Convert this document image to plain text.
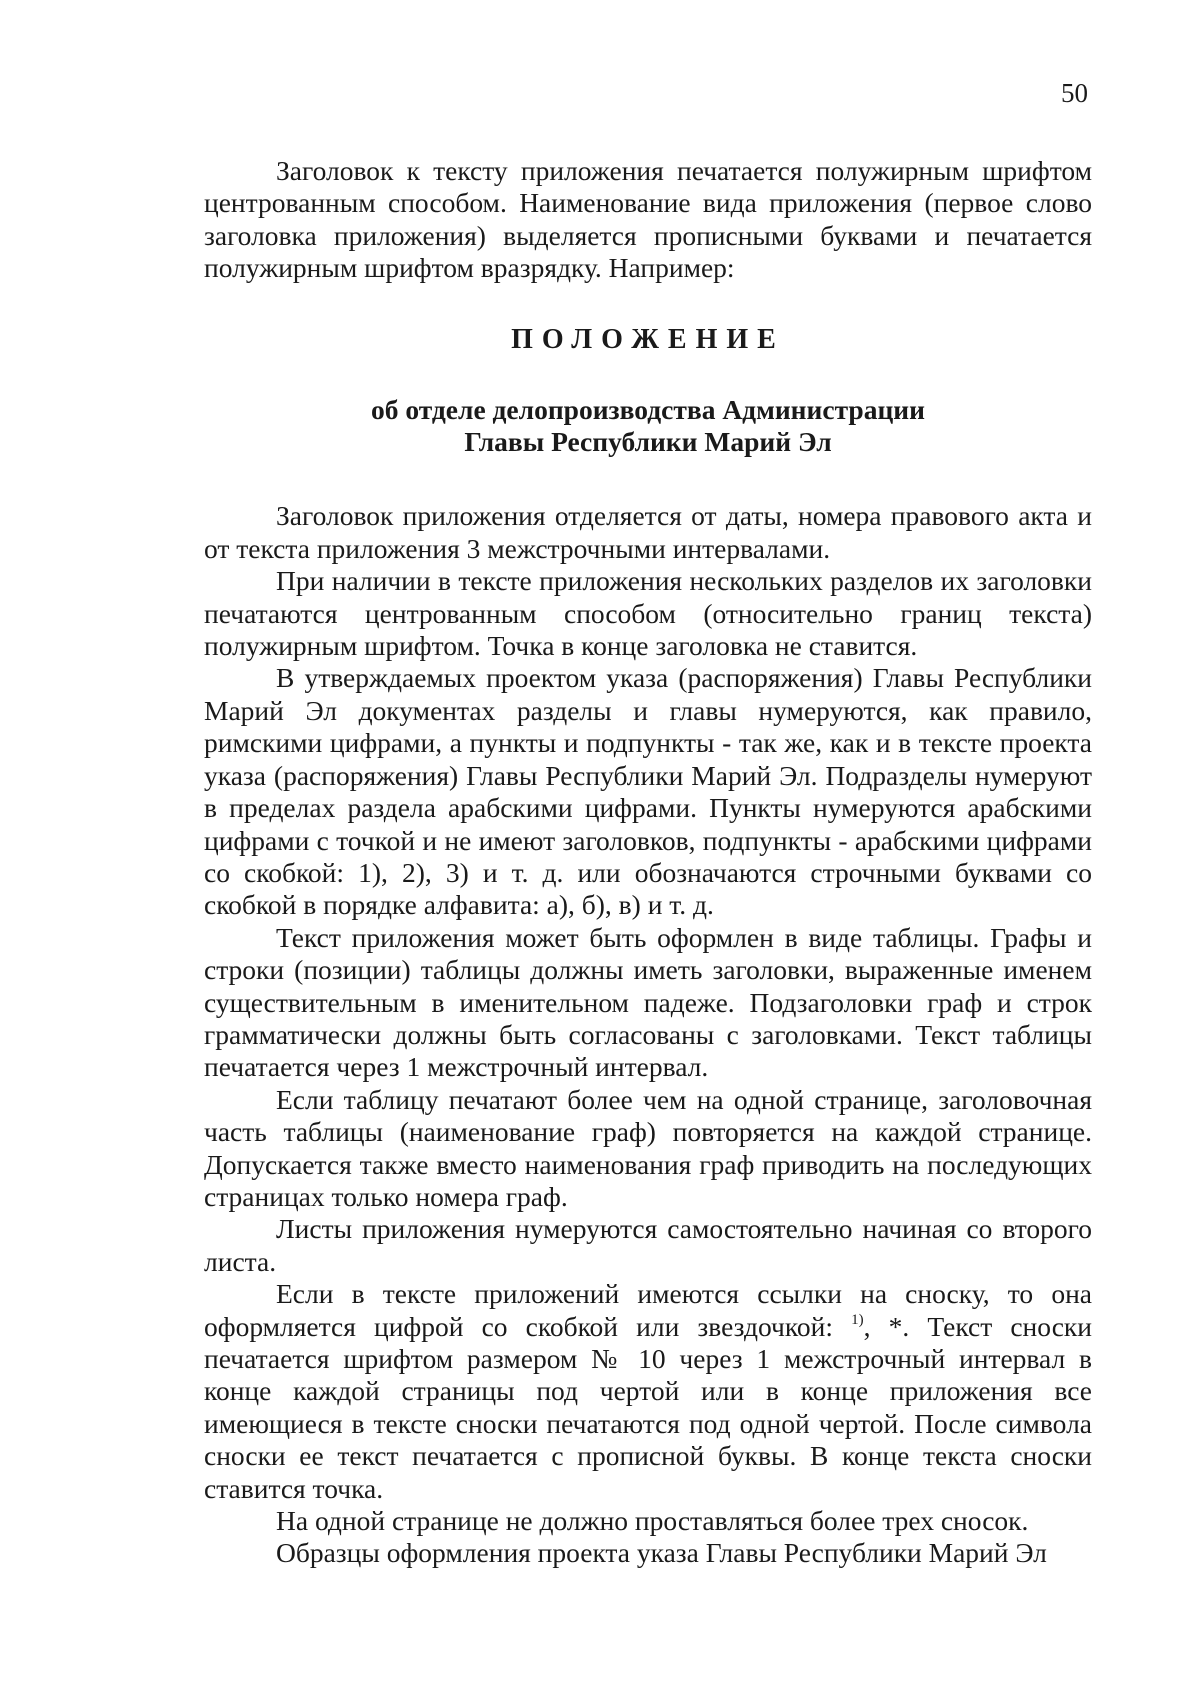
50

Заголовок к тексту приложения печатается полужирным шрифтом центрованным способом. Наименование вида приложения (первое слово заголовка приложения) выделяется прописными буквами и печатается полужирным шрифтом вразрядку. Например:

ПОЛОЖЕНИЕ
об отделе делопроизводства Администрации
Главы Республики Марий Эл

Заголовок приложения отделяется от даты, номера правового акта и от текста приложения 3 межстрочными интервалами.

При наличии в тексте приложения нескольких разделов их заголовки печатаются центрованным способом (относительно границ текста) полужирным шрифтом. Точка в конце заголовка не ставится.

В утверждаемых проектом указа (распоряжения) Главы Республики Марий Эл документах разделы и главы нумеруются, как правило, римскими цифрами, а пункты и подпункты - так же, как и в тексте проекта указа (распоряжения) Главы Республики Марий Эл. Подразделы нумеруют в пределах раздела арабскими цифрами. Пункты нумеруются арабскими цифрами с точкой и не имеют заголовков, подпункты - арабскими цифрами со скобкой: 1), 2), 3) и т. д. или обозначаются строчными буквами со скобкой в порядке алфавита: а), б), в) и т. д.

Текст приложения может быть оформлен в виде таблицы. Графы и строки (позиции) таблицы должны иметь заголовки, выраженные именем существительным в именительном падеже. Подзаголовки граф и строк грамматически должны быть согласованы с заголовками. Текст таблицы печатается через 1 межстрочный интервал.

Если таблицу печатают более чем на одной странице, заголовочная часть таблицы (наименование граф) повторяется на каждой странице. Допускается также вместо наименования граф приводить на последующих страницах только номера граф.

Листы приложения нумеруются самостоятельно начиная со второго листа.

Если в тексте приложений имеются ссылки на сноску, то она оформляется цифрой со скобкой или звездочкой: $^{1)}$, *. Текст сноски печатается шрифтом размером № 10 через 1 межстрочный интервал в конце каждой страницы под чертой или в конце приложения все имеющиеся в тексте сноски печатаются под одной чертой. После символа сноски ее текст печатается с прописной буквы. В конце текста сноски ставится точка.

На одной странице не должно проставляться более трех сносок.

Образцы оформления проекта указа Главы Республики Марий Эл
